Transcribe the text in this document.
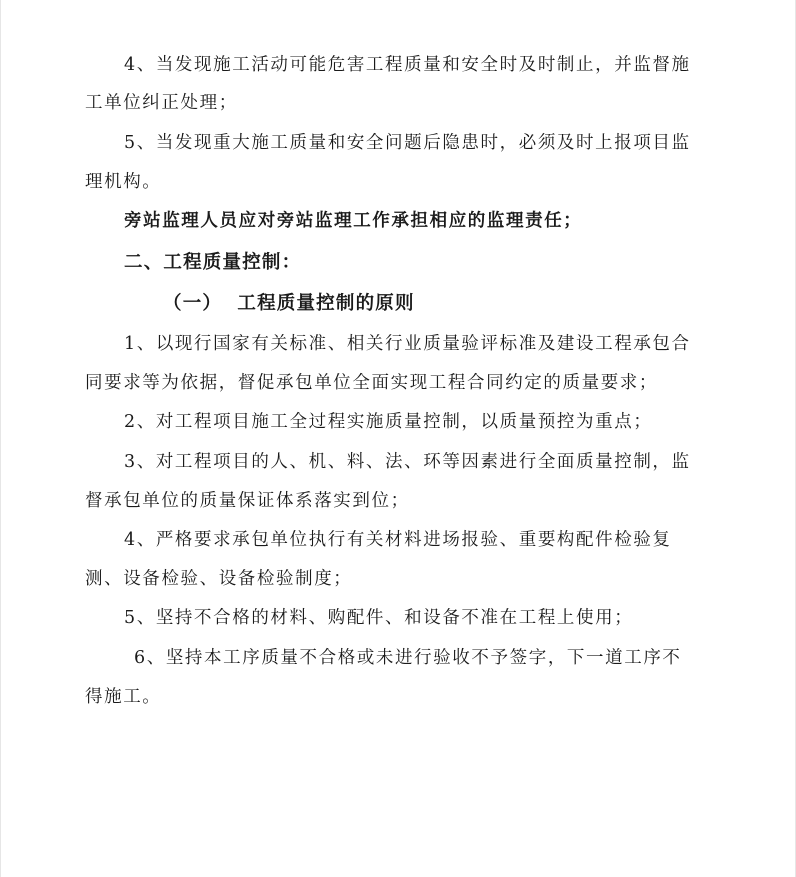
4、当发现施工活动可能危害工程质量和安全时及时制止，并监督施
工单位纠正处理；
5、当发现重大施工质量和安全问题后隐患时，必须及时上报项目监
理机构。
旁站监理人员应对旁站监理工作承担相应的监理责任；
二、工程质量控制：
（一）  工程质量控制的原则
1、以现行国家有关标准、相关行业质量验评标准及建设工程承包合
同要求等为依据，督促承包单位全面实现工程合同约定的质量要求；
2、对工程项目施工全过程实施质量控制，以质量预控为重点；
3、对工程项目的人、机、料、法、环等因素进行全面质量控制，监
督承包单位的质量保证体系落实到位；
4、严格要求承包单位执行有关材料进场报验、重要构配件检验复
测、设备检验、设备检验制度；
5、坚持不合格的材料、购配件、和设备不准在工程上使用；
6、坚持本工序质量不合格或未进行验收不予签字，下一道工序不
得施工。
